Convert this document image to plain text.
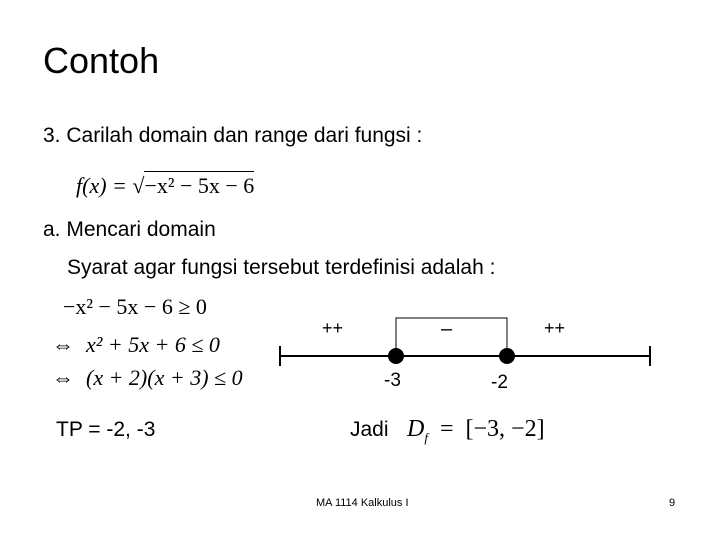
Contoh
3. Carilah domain dan range dari fungsi :
f(x) = √−x² − 5x − 6
a. Mencari domain
Syarat agar fungsi tersebut terdefinisi adalah :
−x² − 5x − 6 ≥ 0
⇔ x² + 5x + 6 ≤ 0
⇔ (x + 2)(x + 3) ≤ 0
TP = -2, -3
++	–	++
-3	-2
Jadi $D_f = [-3$, −2]
MA 1114 Kalkulus I	9
